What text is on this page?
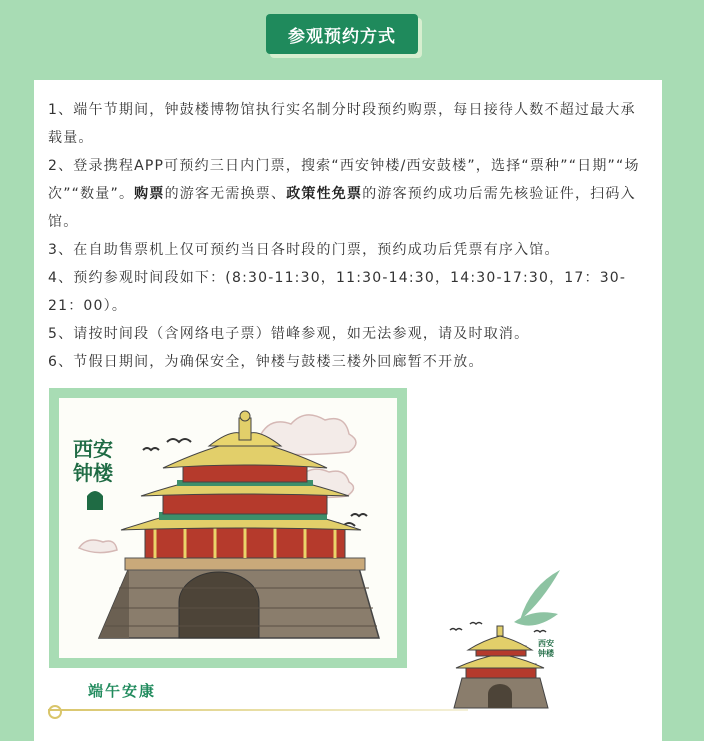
参观预约方式

1、端午节期间，钟鼓楼博物馆执行实名制分时段预约购票，每日接待人数不超过最大承载量。

2、登录携程APP可预约三日内门票，搜索“西安钟楼/西安鼓楼”，选择“票种”“日期”“场次”“数量”。购票的游客无需换票、政策性免票的游客预约成功后需先核验证件，扫码入馆。

3、在自助售票机上仅可预约当日各时段的门票，预约成功后凭票有序入馆。

4、预约参观时间段如下：(8:30-11:30，11:30-14:30，14:30-17:30，17：30-21：00）。

5、请按时间段（含网络电子票）错峰参观，如无法参观，请及时取消。

6、节假日期间，为确保安全，钟楼与鼓楼三楼外回廊暂不开放。

西安
钟楼
西安
钟楼
端午安康
